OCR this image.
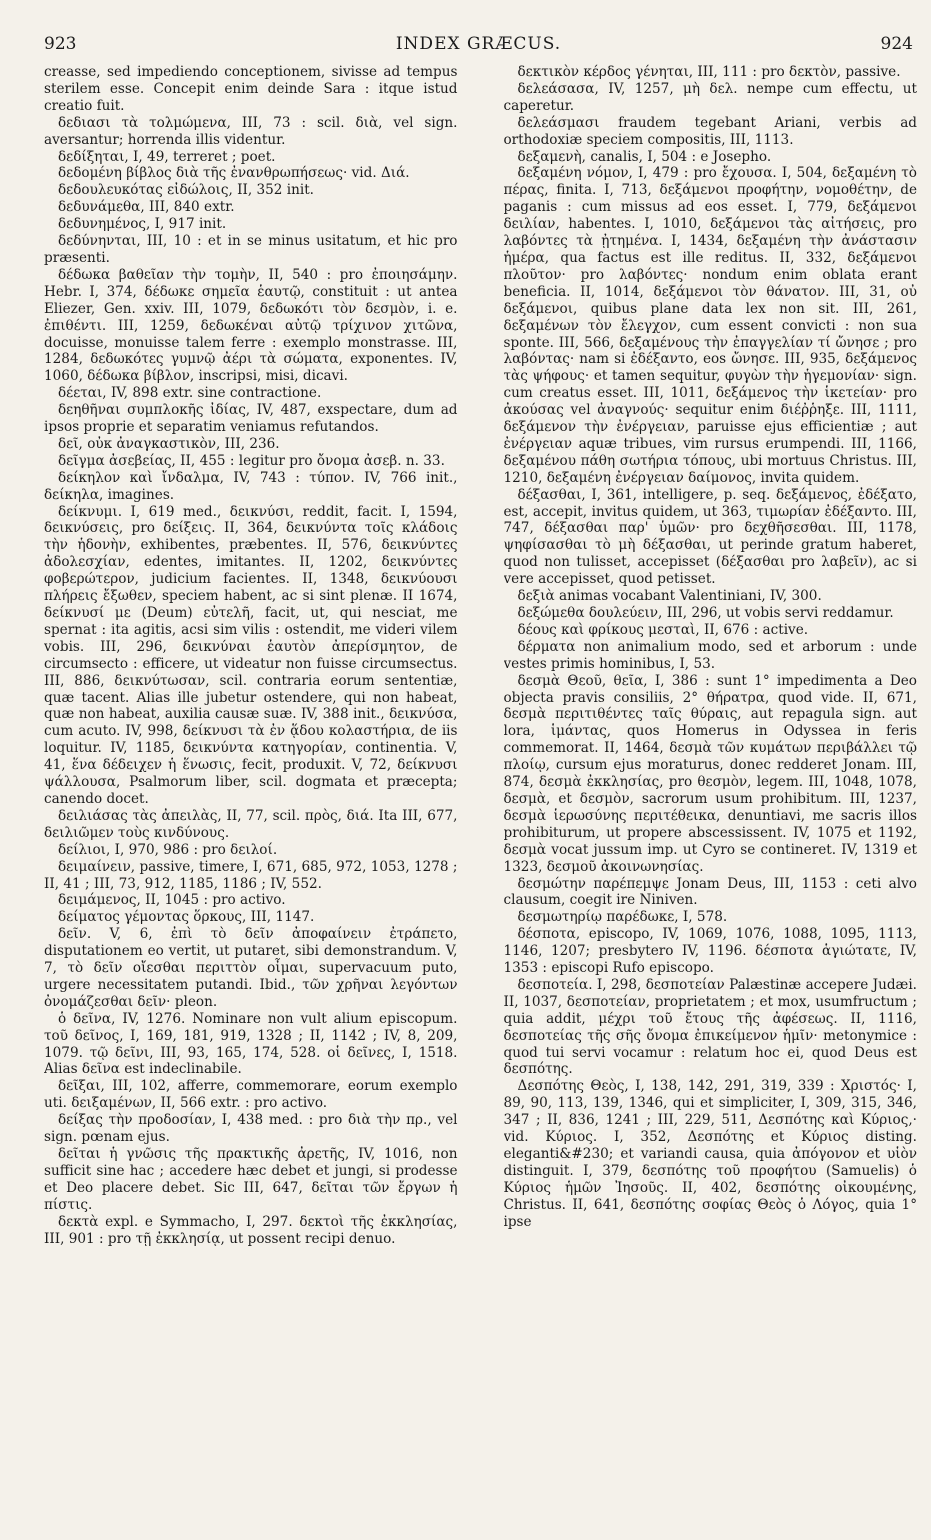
923	INDEX GRÆCUS.	924

creasse, sed impediendo conceptionem, sivisse ad tempus sterilem esse. Concepit enim deinde Sara : itque istud creatio fuit.

δεδιασι τὰ τολμώμενα, III, 73 : scil. διὰ, vel sign. aversantur; horrenda illis videntur.

δεδίξηται, I, 49, terreret ; poet.

δεδομένη βίβλος διὰ τῆς ἐνανθρωπήσεως· vid. Διά.

δεδουλευκότας εἰδώλοις, II, 352 init.

δεδυνάμεθα, III, 840 extr.

δεδυνημένος, I, 917 init.

δεδύνηνται, III, 10 : et in se minus usitatum, et hic pro præsenti.

δέδωκα βαθεῖαν τὴν τομὴν, II, 540 : pro ἐποιησάμην. Hebr. I, 374, δέδωκε σημεῖα ἑαυτῷ, constituit : ut antea Eliezer, Gen. xxiv. III, 1079, δεδωκότι τὸν δεσμὸν, i. e. ἐπιθέντι. III, 1259, δεδωκέναι αὐτῷ τρίχινον χιτῶνα, docuisse, monuisse talem ferre : exemplo monstrasse. III, 1284, δεδωκότες γυμνῷ ἀέρι τὰ σώματα, exponentes. IV, 1060, δέδωκα βίβλον, inscripsi, misi, dicavi.

δέεται, IV, 898 extr. sine contractione.

δεηθῆναι συμπλοκῆς ἰδίας, IV, 487, exspectare, dum ad ipsos proprie et separatim veniamus refutandos.

δεῖ, οὐκ ἀναγκαστικὸν, III, 236.

δεῖγμα ἀσεβείας, II, 455 : legitur pro ὄνομα ἀσεβ. n. 33.

δείκηλον καὶ ἴνδαλμα, IV, 743 : τύπον. IV, 766 init., δείκηλα, imagines.

δείκνυμι. I, 619 med., δεικνύσι, reddit, facit. I, 1594, δεικνύσεις, pro δείξεις. II, 364, δεικνύντα τοῖς κλάδοις τὴν ἡδονὴν, exhibentes, præbentes. II, 576, δεικνύντες ἀδολεσχίαν, edentes, imitantes. II, 1202, δεικνύντες φοβερώτερον, judicium facientes. II, 1348, δεικνύουσι πλήρεις ἔξωθεν, speciem habent, ac si sint plenæ. II 1674, δείκνυσί με (Deum) εὐτελῆ, facit, ut, qui nesciat, me spernat : ita agitis, acsi sim vilis : ostendit, me videri vilem vobis. III, 296, δεικνύναι ἑαυτὸν ἀπερίσμητον, de circumsecto : efficere, ut videatur non fuisse circumsectus. III, 886, δεικνύτωσαν, scil. contraria eorum sententiæ, quæ tacent. Alias ille jubetur ostendere, qui non habeat, quæ non habeat, auxilia causæ suæ. IV, 388 init., δεικνύσα, cum acuto. IV, 998, δείκνυσι τὰ ἐν ᾅδου κολαστήρια, de iis loquitur. IV, 1185, δεικνύντα κατηγορίαν, continentia. V, 41, ἕνα δέδειχεν ἡ ἕνωσις, fecit, produxit. V, 72, δείκνυσι ψάλλουσα, Psalmorum liber, scil. dogmata et præcepta; canendo docet.

δειλιάσας τὰς ἀπειλὰς, II, 77, scil. πρὸς, διά. Ita III, 677, δειλιῶμεν τοὺς κινδύνους.

δείλιοι, I, 970, 986 : pro δειλοί.

δειμαίνειν, passive, timere, I, 671, 685, 972, 1053, 1278 ; II, 41 ; III, 73, 912, 1185, 1186 ; IV, 552.

δειμάμενος, II, 1045 : pro activo.

δείματος γέμοντας ὅρκους, III, 1147.

δεῖν. V, 6, ἐπὶ τὸ δεῖν ἀποφαίνειν ἐτράπετο, disputationem eo vertit, ut putaret, sibi demonstrandum. V, 7, τὸ δεῖν οἴεσθαι περιττὸν οἶμαι, supervacuum puto, urgere necessitatem putandi. Ibid., τῶν χρῆναι λεγόντων ὀνομάζεσθαι δεῖν· pleon.

ὁ δεῖνα, IV, 1276. Nominare non vult alium episcopum. τοῦ δεῖνος, I, 169, 181, 919, 1328 ; II, 1142 ; IV, 8, 209, 1079. τῷ δεῖνι, III, 93, 165, 174, 528. οἱ δεῖνες, I, 1518. Alias δεῖνα est indeclinabile.

δεῖξαι, III, 102, afferre, commemorare, eorum exemplo uti. δειξαμένων, II, 566 extr. : pro activo.

δείξας τὴν προδοσίαν, I, 438 med. : pro διὰ τὴν πρ., vel sign. pœnam ejus.

δεῖται ἡ γνῶσις τῆς πρακτικῆς ἀρετῆς, IV, 1016, non sufficit sine hac ; accedere hæc debet et jungi, si prodesse et Deo placere debet. Sic III, 647, δεῖται τῶν ἔργων ἡ πίστις.

δεκτὰ expl. e Symmacho, I, 297. δεκτοὶ τῆς ἐκκλησίας, III, 901 : pro τῇ ἐκκλησίᾳ, ut possent recipi denuo.

δεκτικὸν κέρδος γένηται, III, 111 : pro δεκτὸν, passive.

δελεάσασα, IV, 1257, μὴ δελ. nempe cum effectu, ut caperetur.

δελεάσμασι fraudem tegebant Ariani, verbis ad orthodoxiæ speciem compositis, III, 1113.

δεξαμενὴ, canalis, I, 504 : e Josepho.

δεξαμένη νόμον, I, 479 : pro ἔχουσα. I, 504, δεξαμένη τὸ πέρας, finita. I, 713, δεξάμενοι προφήτην, νομοθέτην, de paganis : cum missus ad eos esset. I, 779, δεξάμενοι δειλίαν, habentes. I, 1010, δεξάμενοι τὰς αἰτήσεις, pro λαβόντες τὰ ᾐτημένα. I, 1434, δεξαμένη τὴν ἀνάστασιν ἡμέρα, qua factus est ille reditus. II, 332, δεξάμενοι πλοῦτον· pro λαβόντες· nondum enim oblata erant beneficia. II, 1014, δεξάμενοι τὸν θάνατον. III, 31, οὐ δεξάμενοι, quibus plane data lex non sit. III, 261, δεξαμένων τὸν ἔλεγχον, cum essent convicti : non sua sponte. III, 566, δεξαμένους τὴν ἐπαγγελίαν τί ὤνησε ; pro λαβόντας· nam si ἐδέξαντο, eos ὤνησε. III, 935, δεξάμενος τὰς ψήφους· et tamen sequitur, φυγὼν τὴν ἡγεμονίαν· sign. cum creatus esset. III, 1011, δεξάμενος τὴν ἱκετείαν· pro ἀκούσας vel ἀναγνούς· sequitur enim διέῤῥηξε. III, 1111, δεξάμενον τὴν ἐνέργειαν, paruisse ejus efficientiæ ; aut ἐνέργειαν aquæ tribues, vim rursus erumpendi. III, 1166, δεξαμένου πάθη σωτήρια τόπους, ubi mortuus Christus. III, 1210, δεξαμένη ἐνέργειαν δαίμονος, invita quidem.

δέξασθαι, I, 361, intelligere, p. seq. δεξάμενος, ἐδέξατο, est, accepit, invitus quidem, ut 363, τιμωρίαν ἐδέξαντο. III, 747, δέξασθαι παρ' ὑμῶν· pro δεχθῆσεσθαι. III, 1178, ψηφίσασθαι τὸ μὴ δέξασθαι, ut perinde gratum haberet, quod non tulisset, accepisset (δέξασθαι pro λαβεῖν), ac si vere accepisset, quod petisset.

δεξιὰ animas vocabant Valentiniani, IV, 300.

δεξώμεθα δουλεύειν, III, 296, ut vobis servi reddamur.

δέους καὶ φρίκους μεσταὶ, II, 676 : active.

δέρματα non animalium modo, sed et arborum : unde vestes primis hominibus, I, 53.

δεσμὰ Θεοῦ, θεῖα, I, 386 : sunt 1° impedimenta a Deo objecta pravis consiliis, 2° θήρατρα, quod vide. II, 671, δεσμὰ περιτιθέντες ταῖς θύραις, aut repagula sign. aut lora, ἱμάντας, quos Homerus in Odyssea in feris commemorat. II, 1464, δεσμὰ τῶν κυμάτων περιβάλλει τῷ πλοίῳ, cursum ejus moraturus, donec redderet Jonam. III, 874, δεσμὰ ἐκκλησίας, pro θεσμὸν, legem. III, 1048, 1078, δεσμὰ, et δεσμὸν, sacrorum usum prohibitum. III, 1237, δεσμὰ ἱερωσύνης περιτέθεικα, denuntiavi, me sacris illos prohibiturum, ut propere abscessissent. IV, 1075 et 1192, δεσμὰ vocat jussum imp. ut Cyro se contineret. IV, 1319 et 1323, δεσμοῦ ἀκοινωνησίας.

δεσμώτην παρέπεμψε Jonam Deus, III, 1153 : ceti alvo clausum, coegit ire Niniven.

δεσμωτηρίῳ παρέδωκε, I, 578.

δέσποτα, episcopo, IV, 1069, 1076, 1088, 1095, 1113, 1146, 1207; presbytero IV, 1196. δέσποτα ἁγιώτατε, IV, 1353 : episcopi Rufo episcopo.

δεσποτεία. I, 298, δεσποτείαν Palæstinæ accepere Judæi. II, 1037, δεσποτείαν, proprietatem ; et mox, usumfructum ; quia addit, μέχρι τοῦ ἔτους τῆς ἀφέσεως. II, 1116, δεσποτείας τῆς σῆς ὄνομα ἐπικείμενον ἡμῖν· metonymice : quod tui servi vocamur : relatum hoc ei, quod Deus est δεσπότης.

Δεσπότης Θεὸς, I, 138, 142, 291, 319, 339 : Χριστός· I, 89, 90, 113, 139, 1346, qui et simpliciter, I, 309, 315, 346, 347 ; II, 836, 1241 ; III, 229, 511, Δεσπότης καὶ Κύριος,· vid. Κύριος. I, 352, Δεσπότης et Κύριος disting. eleganti&#230; et variandi causa, quia ἀπόγονον et υἱὸν distinguit. I, 379, δεσπότης τοῦ προφήτου (Samuelis) ὁ Κύριος ἡμῶν Ἰησοῦς. II, 402, δεσπότης οἰκουμένης, Christus. II, 641, δεσπότης σοφίας Θεὸς ὁ Λόγος, quia 1° ipse
